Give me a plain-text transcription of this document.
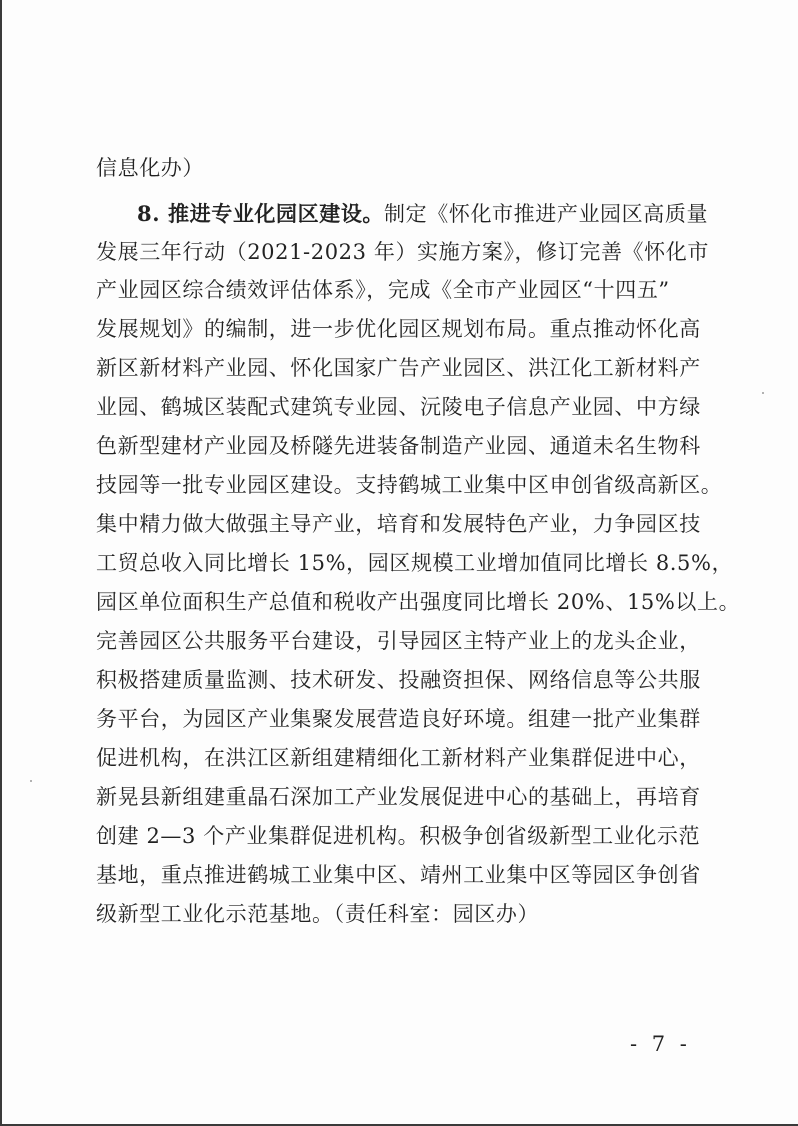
信息化办）
8. 推进专业化园区建设。制定《怀化市推进产业园区高质量
发展三年行动（2021-2023 年）实施方案》，修订完善《怀化市
产业园区综合绩效评估体系》，完成《全市产业园区“十四五”
发展规划》的编制，进一步优化园区规划布局。重点推动怀化高
新区新材料产业园、怀化国家广告产业园区、洪江化工新材料产
业园、鹤城区装配式建筑专业园、沅陵电子信息产业园、中方绿
色新型建材产业园及桥隧先进装备制造产业园、通道未名生物科
技园等一批专业园区建设。支持鹤城工业集中区申创省级高新区。
集中精力做大做强主导产业，培育和发展特色产业，力争园区技
工贸总收入同比增长 15%，园区规模工业增加值同比增长 8.5%，
园区单位面积生产总值和税收产出强度同比增长 20%、15%以上。
完善园区公共服务平台建设，引导园区主特产业上的龙头企业，
积极搭建质量监测、技术研发、投融资担保、网络信息等公共服
务平台，为园区产业集聚发展营造良好环境。组建一批产业集群
促进机构，在洪江区新组建精细化工新材料产业集群促进中心，
新晃县新组建重晶石深加工产业发展促进中心的基础上，再培育
创建 2—3 个产业集群促进机构。积极争创省级新型工业化示范
基地，重点推进鹤城工业集中区、靖州工业集中区等园区争创省
级新型工业化示范基地。（责任科室：园区办）
- 7 -
